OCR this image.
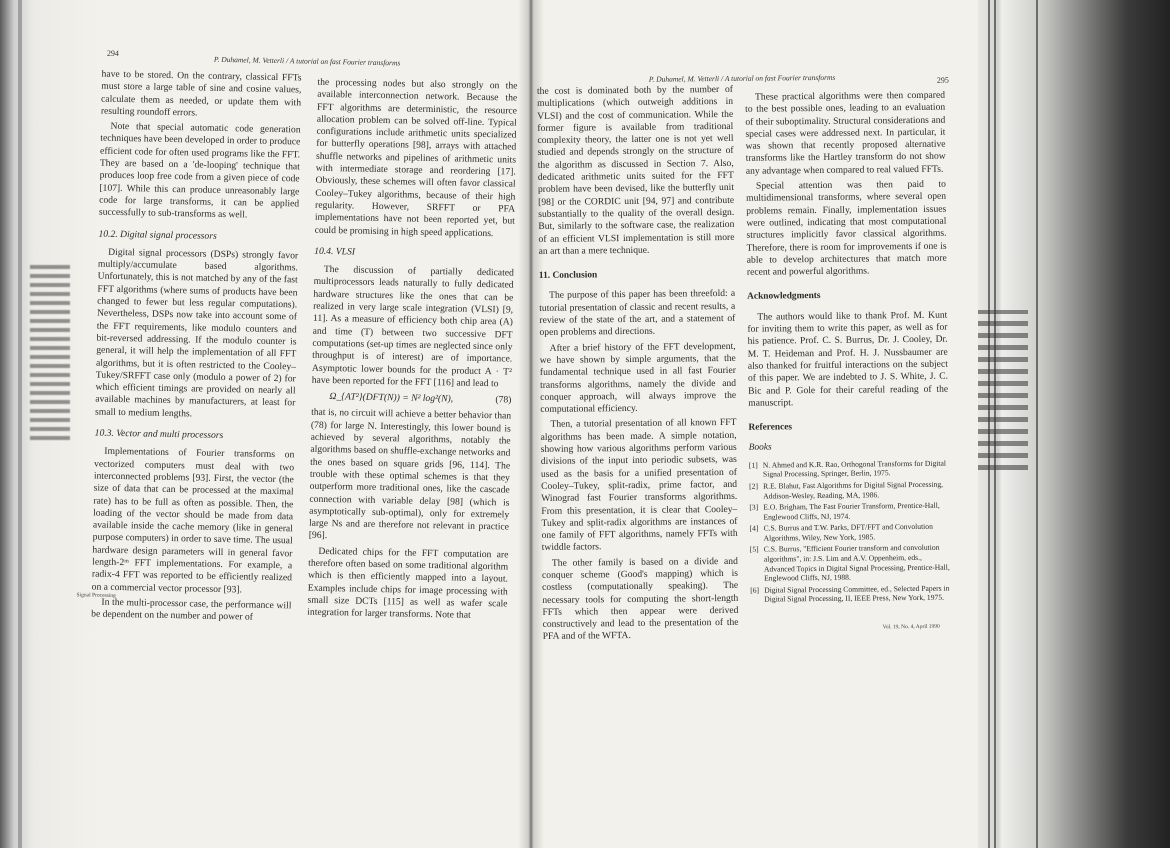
294
P. Duhamel, M. Vetterli / A tutorial on fast Fourier transforms

have to be stored. On the contrary, classical FFTs must store a large table of sine and cosine values, calculate them as needed, or update them with resulting roundoff errors.

Note that special automatic code generation techniques have been developed in order to produce efficient code for often used programs like the FFT. They are based on a 'de-looping' technique that produces loop free code from a given piece of code [107]. While this can produce unreasonably large code for large transforms, it can be applied successfully to sub-transforms as well.

10.2. Digital signal processors

Digital signal processors (DSPs) strongly favor multiply/accumulate based algorithms. Unfortunately, this is not matched by any of the fast FFT algorithms (where sums of products have been changed to fewer but less regular computations). Nevertheless, DSPs now take into account some of the FFT requirements, like modulo counters and bit-reversed addressing. If the modulo counter is general, it will help the implementation of all FFT algorithms, but it is often restricted to the Cooley–Tukey/SRFFT case only (modulo a power of 2) for which efficient timings are provided on nearly all available machines by manufacturers, at least for small to medium lengths.

10.3. Vector and multi processors

Implementations of Fourier transforms on vectorized computers must deal with two interconnected problems [93]. First, the vector (the size of data that can be processed at the maximal rate) has to be full as often as possible. Then, the loading of the vector should be made from data available inside the cache memory (like in general purpose computers) in order to save time. The usual hardware design parameters will in general favor length-2ᵐ FFT implementations. For example, a radix-4 FFT was reported to be efficiently realized on a commercial vector processor [93].

In the multi-processor case, the performance will be dependent on the number and power of

the processing nodes but also strongly on the available interconnection network. Because the FFT algorithms are deterministic, the resource allocation problem can be solved off-line. Typical configurations include arithmetic units specialized for butterfly operations [98], arrays with attached shuffle networks and pipelines of arithmetic units with intermediate storage and reordering [17]. Obviously, these schemes will often favor classical Cooley–Tukey algorithms, because of their high regularity. However, SRFFT or PFA implementations have not been reported yet, but could be promising in high speed applications.

10.4. VLSI

The discussion of partially dedicated multiprocessors leads naturally to fully dedicated hardware structures like the ones that can be realized in very large scale integration (VLSI) [9, 11]. As a measure of efficiency both chip area (A) and time (T) between two successive DFT computations (set-up times are neglected since only throughput is of interest) are of importance. Asymptotic lower bounds for the product A · T² have been reported for the FFT [116] and lead to

Ω_{AT²}(DFT(N)) = N² log²(N),	(78)

that is, no circuit will achieve a better behavior than (78) for large N. Interestingly, this lower bound is achieved by several algorithms, notably the algorithms based on shuffle-exchange networks and the ones based on square grids [96, 114]. The trouble with these optimal schemes is that they outperform more traditional ones, like the cascade connection with variable delay [98] (which is asymptotically sub-optimal), only for extremely large Ns and are therefore not relevant in practice [96].

Dedicated chips for the FFT computation are therefore often based on some traditional algorithm which is then efficiently mapped into a layout. Examples include chips for image processing with small size DCTs [115] as well as wafer scale integration for larger transforms. Note that

Signal Processing
P. Duhamel, M. Vetterli / A tutorial on fast Fourier transforms	295

the cost is dominated both by the number of multiplications (which outweigh additions in VLSI) and the cost of communication. While the former figure is available from traditional complexity theory, the latter one is not yet well studied and depends strongly on the structure of the algorithm as discussed in Section 7. Also, dedicated arithmetic units suited for the FFT problem have been devised, like the butterfly unit [98] or the CORDIC unit [94, 97] and contribute substantially to the quality of the overall design. But, similarly to the software case, the realization of an efficient VLSI implementation is still more an art than a mere technique.

11. Conclusion

The purpose of this paper has been threefold: a tutorial presentation of classic and recent results, a review of the state of the art, and a statement of open problems and directions.

After a brief history of the FFT development, we have shown by simple arguments, that the fundamental technique used in all fast Fourier transforms algorithms, namely the divide and conquer approach, will always improve the computational efficiency.

Then, a tutorial presentation of all known FFT algorithms has been made. A simple notation, showing how various algorithms perform various divisions of the input into periodic subsets, was used as the basis for a unified presentation of Cooley–Tukey, split-radix, prime factor, and Winograd fast Fourier transforms algorithms. From this presentation, it is clear that Cooley–Tukey and split-radix algorithms are instances of one family of FFT algorithms, namely FFTs with twiddle factors.

The other family is based on a divide and conquer scheme (Good's mapping) which is costless (computationally speaking). The necessary tools for computing the short-length FFTs which then appear were derived constructively and lead to the presentation of the PFA and of the WFTA.

These practical algorithms were then compared to the best possible ones, leading to an evaluation of their suboptimality. Structural considerations and special cases were addressed next. In particular, it was shown that recently proposed alternative transforms like the Hartley transform do not show any advantage when compared to real valued FFTs.

Special attention was then paid to multidimensional transforms, where several open problems remain. Finally, implementation issues were outlined, indicating that most computational structures implicitly favor classical algorithms. Therefore, there is room for improvements if one is able to develop architectures that match more recent and powerful algorithms.

Acknowledgments

The authors would like to thank Prof. M. Kunt for inviting them to write this paper, as well as for his patience. Prof. C. S. Burrus, Dr. J. Cooley, Dr. M. T. Heideman and Prof. H. J. Nussbaumer are also thanked for fruitful interactions on the subject of this paper. We are indebted to J. S. White, J. C. Bic and P. Gole for their careful reading of the manuscript.

References
Books
[1] N. Ahmed and K.R. Rao, Orthogonal Transforms for Digital Signal Processing, Springer, Berlin, 1975.
[2] R.E. Blahut, Fast Algorithms for Digital Signal Processing, Addison-Wesley, Reading, MA, 1986.
[3] E.O. Brigham, The Fast Fourier Transform, Prentice-Hall, Englewood Cliffs, NJ, 1974.
[4] C.S. Burrus and T.W. Parks, DFT/FFT and Convolution Algorithms, Wiley, New York, 1985.
[5] C.S. Burrus, "Efficient Fourier transform and convolution algorithms", in: J.S. Lim and A.V. Oppenheim, eds., Advanced Topics in Digital Signal Processing, Prentice-Hall, Englewood Cliffs, NJ, 1988.
[6] Digital Signal Processing Committee, ed., Selected Papers in Digital Signal Processing, II, IEEE Press, New York, 1975.
Vol. 19, No. 4, April 1990
